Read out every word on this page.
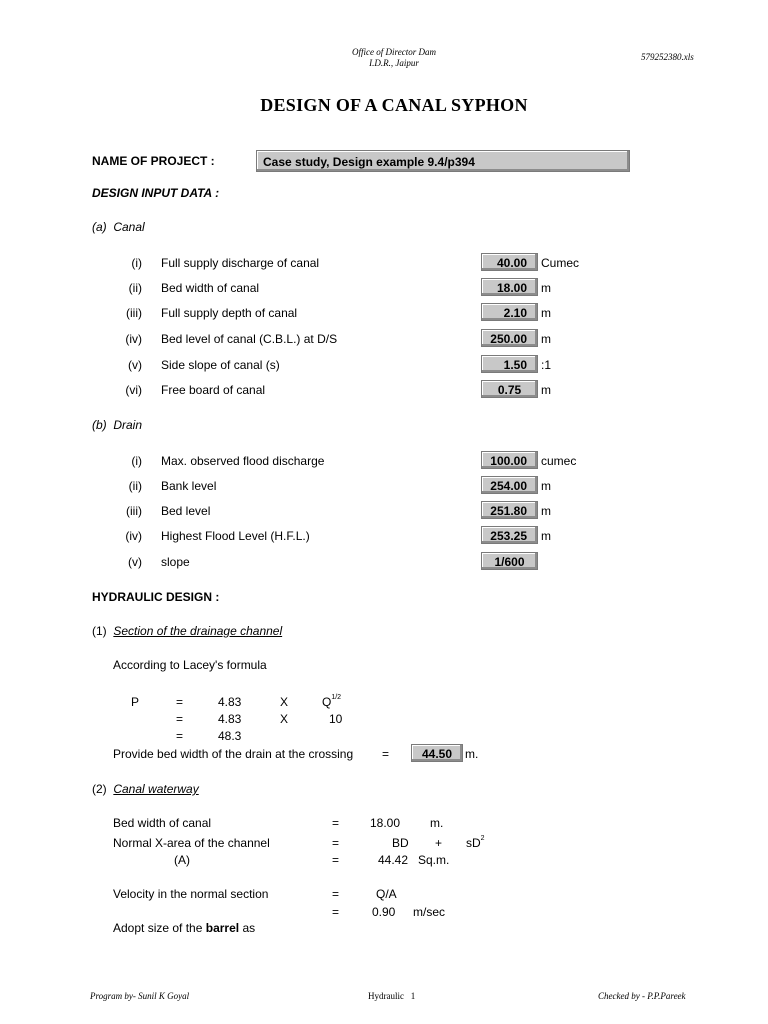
Office of Director Dam
I.D.R., Jaipur
579252380.xls
DESIGN OF A CANAL SYPHON
NAME OF PROJECT :	Case study, Design example 9.4/p394
DESIGN INPUT DATA :
(a) Canal
(i) Full supply discharge of canal	40.00	Cumec
(ii) Bed width of canal	18.00	m
(iii) Full supply depth of canal	2.10	m
(iv) Bed level of canal (C.B.L.) at D/S	250.00	m
(v) Side slope of canal (s)	1.50	:1
(vi) Free board of canal	0.75	m
(b) Drain
(i) Max. observed flood discharge	100.00	cumec
(ii) Bank level	254.00	m
(iii) Bed level	251.80	m
(iv) Highest Flood Level (H.F.L.)	253.25	m
(v) slope	1/600
HYDRAULIC DESIGN :
(1) Section of the drainage channel
According to Lacey's formula
P	=	4.83	X	$Q^{1/2}$
=	4.83	X	10
=	48.3
Provide bed width of the drain at the crossing =	44.50	m.
(2) Canal waterway
Bed width of canal	=	18.00 m.
Normal X-area of the channel	=	BD + $sD^2$
(A)	=	44.42 Sq.m.
Velocity in the normal section	=	Q/A
=	0.90 m/sec
Adopt size of the barrel as
Program by- Sunil K Goyal	Hydraulic 1	Checked by - P.P.Pareek
